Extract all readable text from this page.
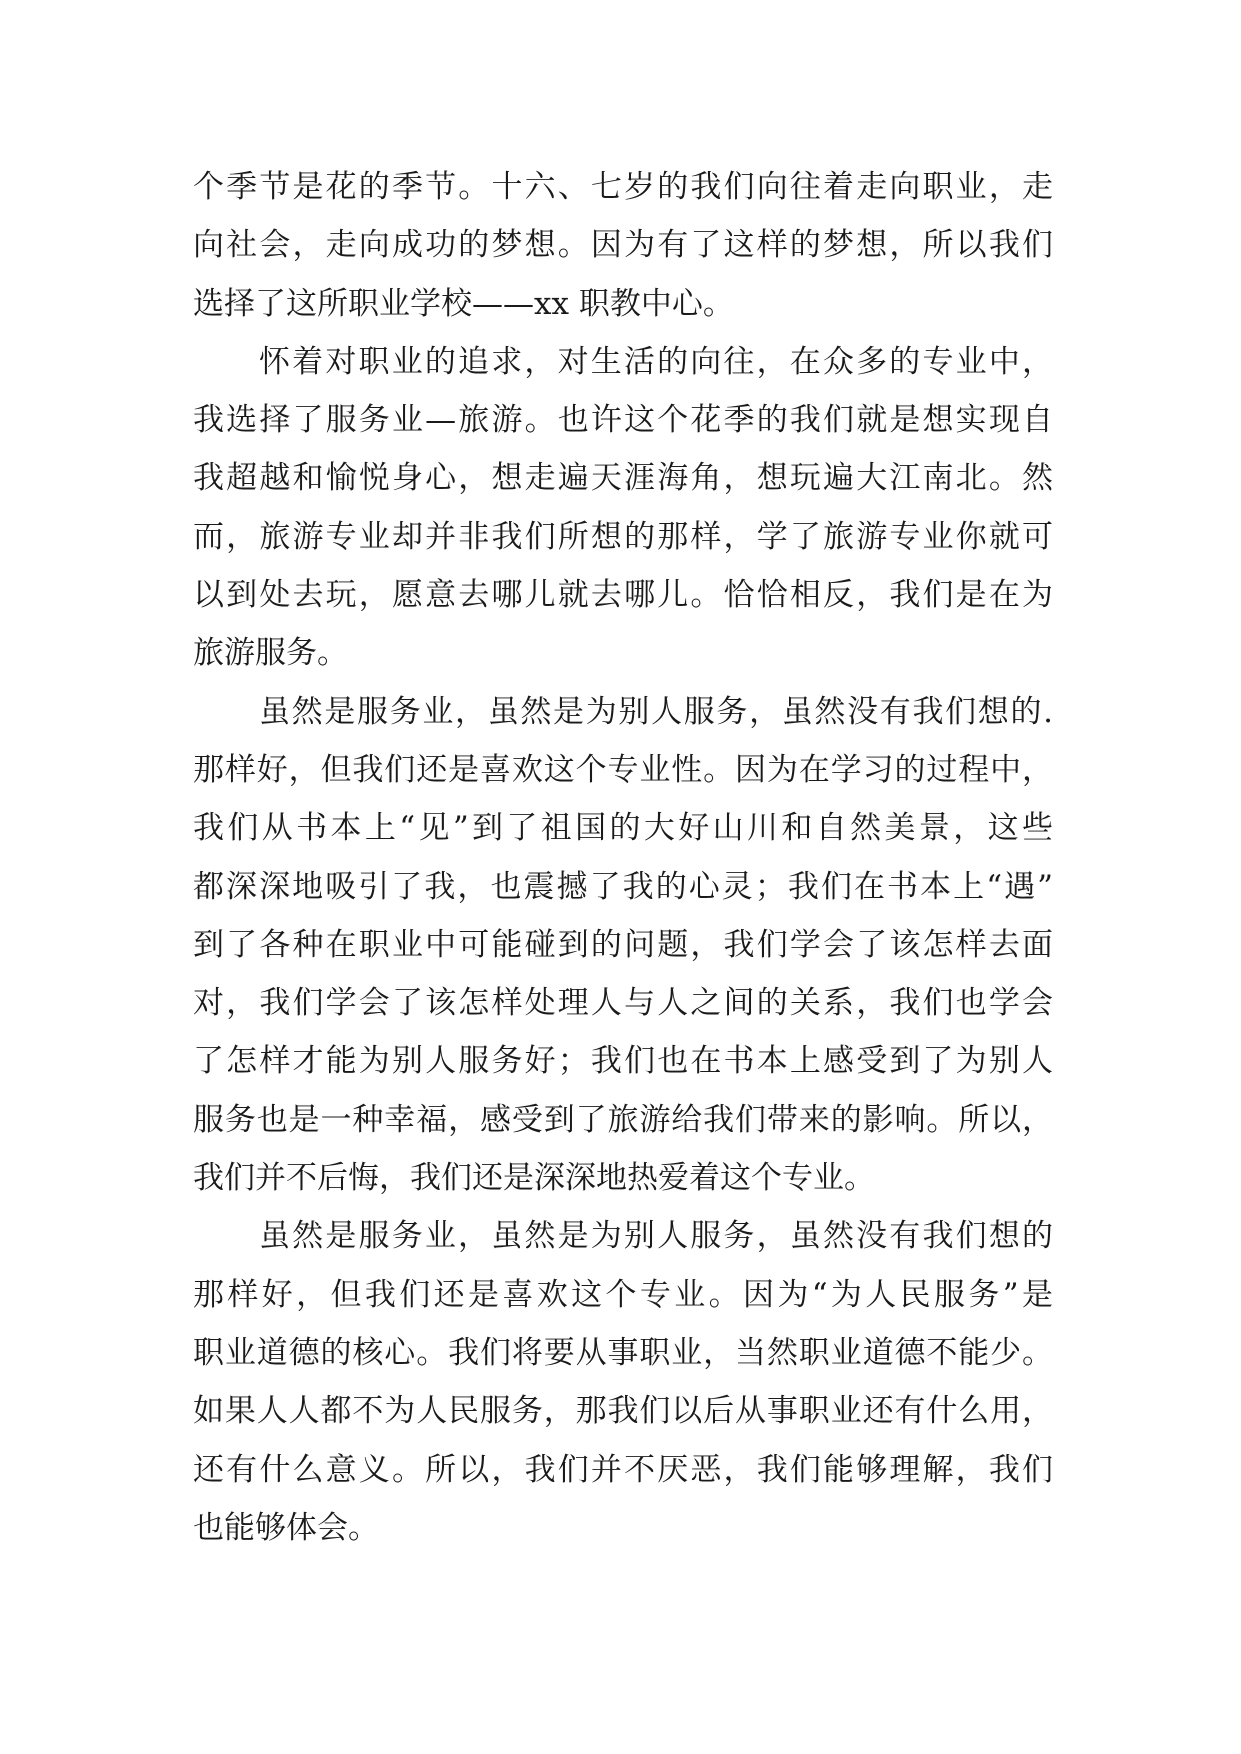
个季节是花的季节。十六、七岁的我们向往着走向职业，走
向社会，走向成功的梦想。因为有了这样的梦想，所以我们
选择了这所职业学校——xx 职教中心。
怀着对职业的追求，对生活的向往，在众多的专业中，
我选择了服务业—旅游。也许这个花季的我们就是想实现自
我超越和愉悦身心，想走遍天涯海角，想玩遍大江南北。然
而，旅游专业却并非我们所想的那样，学了旅游专业你就可
以到处去玩，愿意去哪儿就去哪儿。恰恰相反，我们是在为
旅游服务。
虽然是服务业，虽然是为别人服务，虽然没有我们想的.
那样好，但我们还是喜欢这个专业性。因为在学习的过程中，
我们从书本上“见”到了祖国的大好山川和自然美景，这些
都深深地吸引了我，也震撼了我的心灵；我们在书本上“遇”
到了各种在职业中可能碰到的问题，我们学会了该怎样去面
对，我们学会了该怎样处理人与人之间的关系，我们也学会
了怎样才能为别人服务好；我们也在书本上感受到了为别人
服务也是一种幸福，感受到了旅游给我们带来的影响。所以，
我们并不后悔，我们还是深深地热爱着这个专业。
虽然是服务业，虽然是为别人服务，虽然没有我们想的
那样好，但我们还是喜欢这个专业。因为“为人民服务”是
职业道德的核心。我们将要从事职业，当然职业道德不能少。
如果人人都不为人民服务，那我们以后从事职业还有什么用，
还有什么意义。所以，我们并不厌恶，我们能够理解，我们
也能够体会。
